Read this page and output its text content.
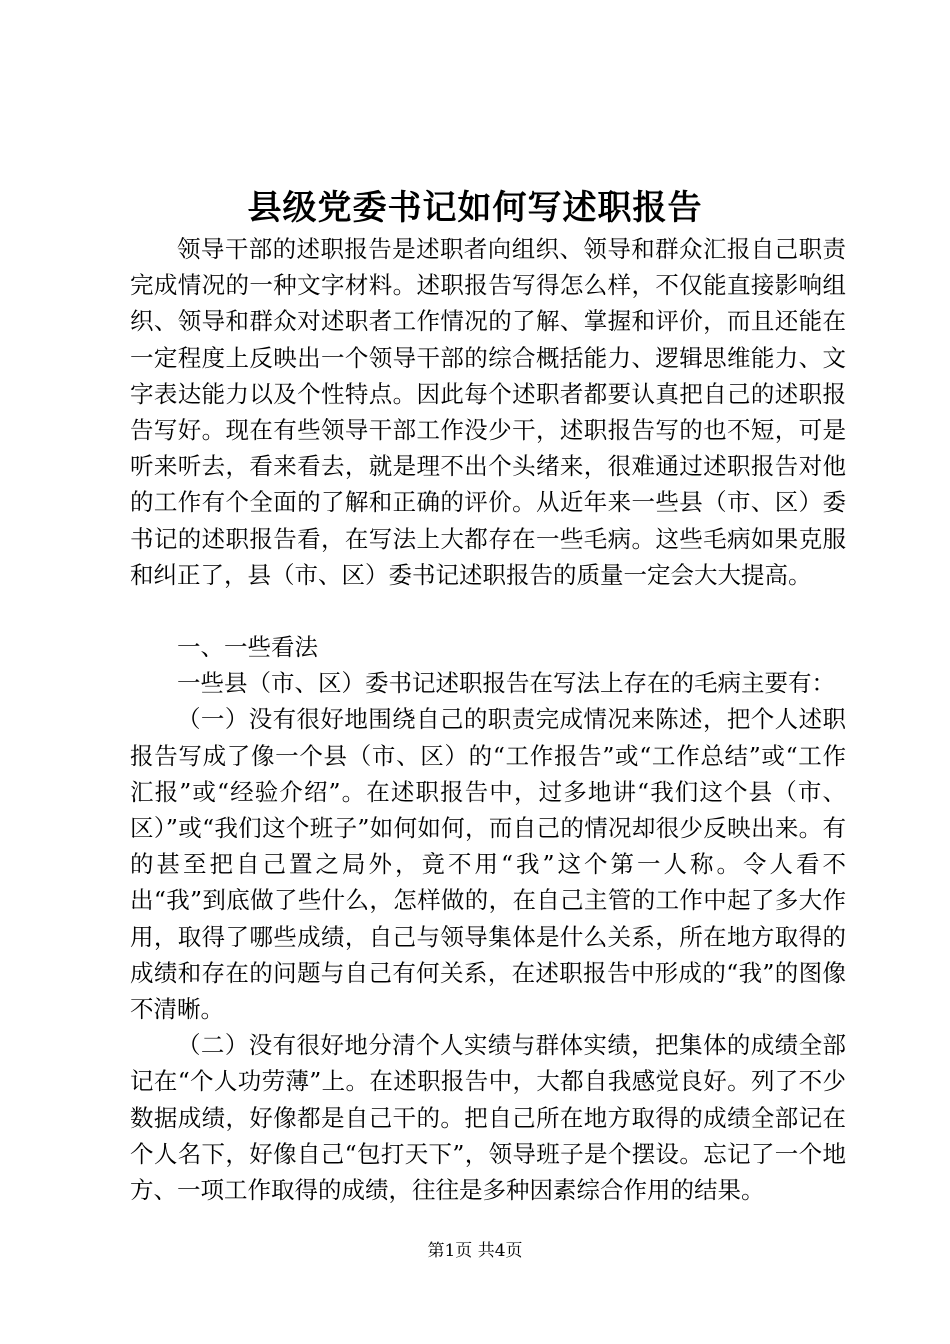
县级党委书记如何写述职报告

领导干部的述职报告是述职者向组织、领导和群众汇报自己职责完成情况的一种文字材料。述职报告写得怎么样，不仅能直接影响组织、领导和群众对述职者工作情况的了解、掌握和评价，而且还能在一定程度上反映出一个领导干部的综合概括能力、逻辑思维能力、文字表达能力以及个性特点。因此每个述职者都要认真把自己的述职报告写好。现在有些领导干部工作没少干，述职报告写的也不短，可是听来听去，看来看去，就是理不出个头绪来，很难通过述职报告对他的工作有个全面的了解和正确的评价。从近年来一些县（市、区）委书记的述职报告看，在写法上大都存在一些毛病。这些毛病如果克服和纠正了，县（市、区）委书记述职报告的质量一定会大大提高。

一、一些看法

一些县（市、区）委书记述职报告在写法上存在的毛病主要有：

（一）没有很好地围绕自己的职责完成情况来陈述，把个人述职报告写成了像一个县（市、区）的“工作报告”或“工作总结”或“工作汇报”或“经验介绍”。在述职报告中，过多地讲“我们这个县（市、区）”或“我们这个班子”如何如何，而自己的情况却很少反映出来。有的甚至把自己置之局外，竟不用“我”这个第一人称。令人看不出“我”到底做了些什么，怎样做的，在自己主管的工作中起了多大作用，取得了哪些成绩，自己与领导集体是什么关系，所在地方取得的成绩和存在的问题与自己有何关系，在述职报告中形成的“我”的图像不清晰。

（二）没有很好地分清个人实绩与群体实绩，把集体的成绩全部记在“个人功劳薄”上。在述职报告中，大都自我感觉良好。列了不少数据成绩，好像都是自己干的。把自己所在地方取得的成绩全部记在个人名下，好像自己“包打天下”，领导班子是个摆设。忘记了一个地方、一项工作取得的成绩，往往是多种因素综合作用的结果。

第1页 共4页
